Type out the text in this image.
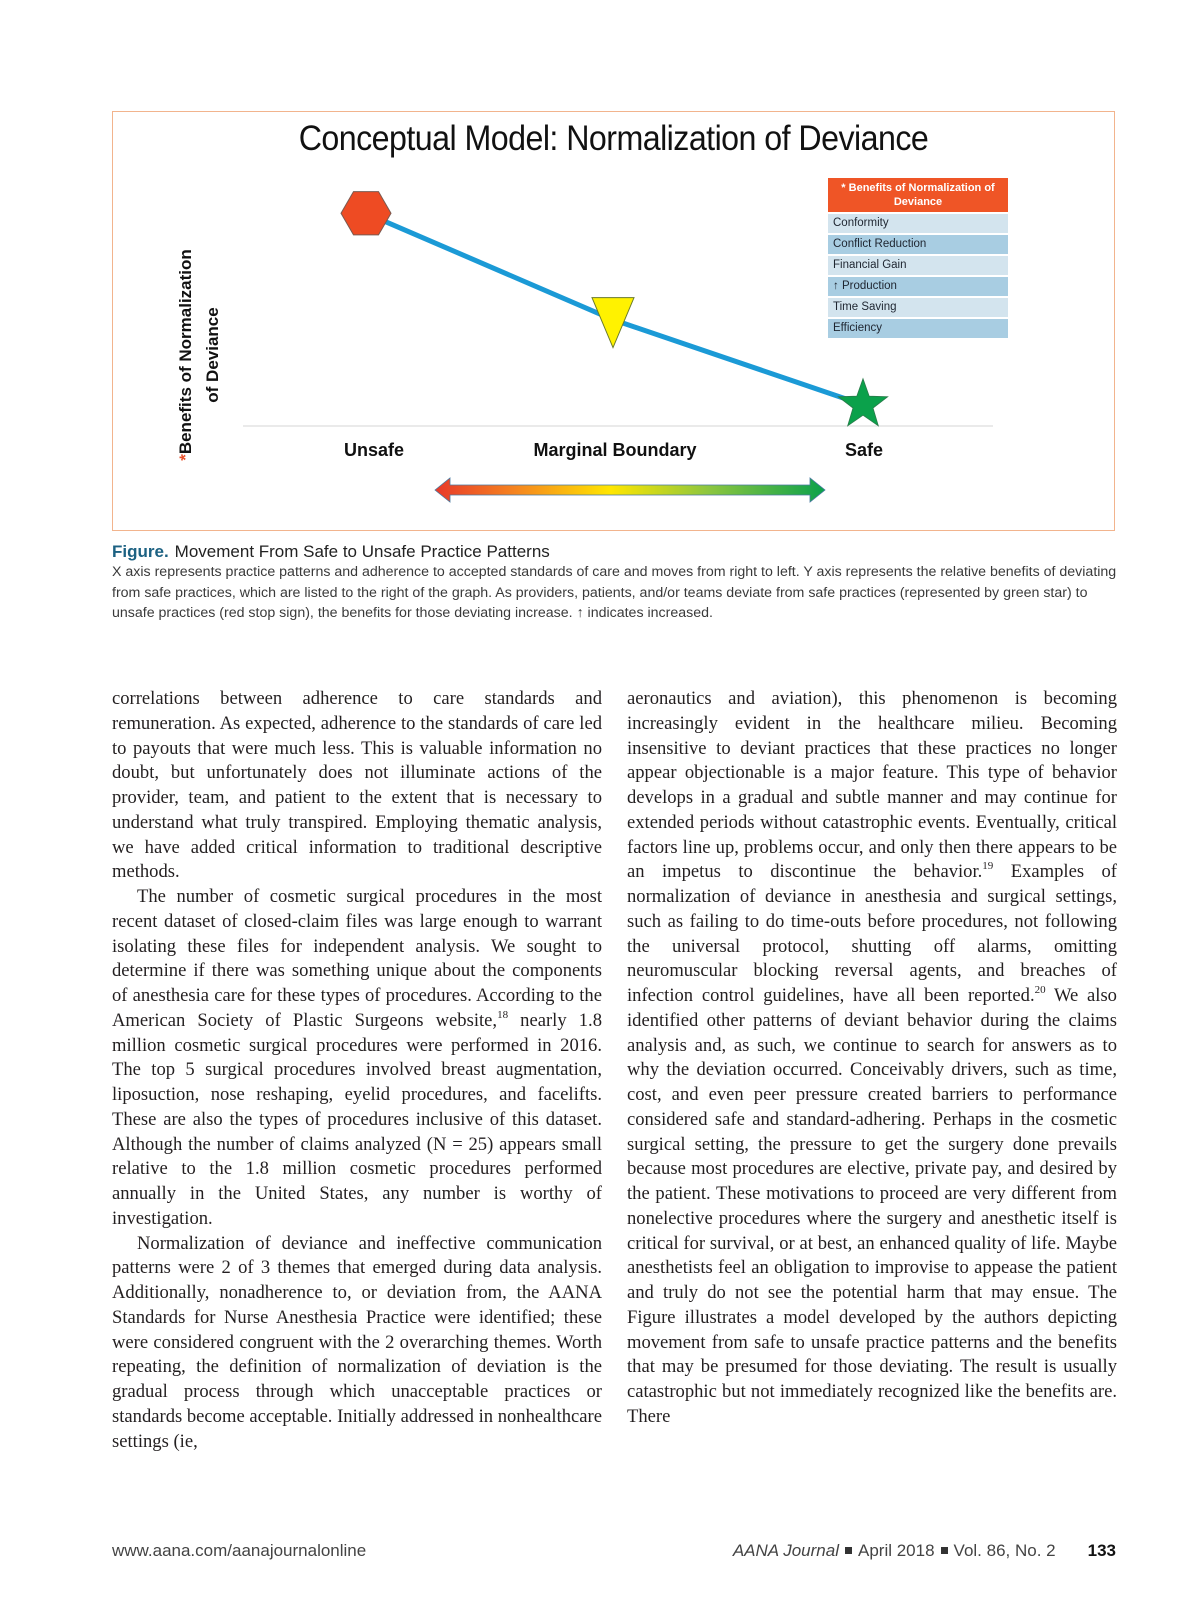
Conceptual Model: Normalization of Deviance
*Benefits of Normalization of Deviance
Unsafe	Marginal Boundary	Safe
* Benefits of Normalization of Deviance
Conformity
Conflict Reduction
Financial Gain
↑ Production
Time Saving
Efficiency
Figure. Movement From Safe to Unsafe Practice Patterns
X axis represents practice patterns and adherence to accepted standards of care and moves from right to left. Y axis represents the relative benefits of deviating from safe practices, which are listed to the right of the graph. As providers, patients, and/or teams deviate from safe practices (represented by green star) to unsafe practices (red stop sign), the benefits for those deviating increase. ↑ indicates increased.

correlations between adherence to care standards and remuneration. As expected, adherence to the standards of care led to payouts that were much less. This is valuable information no doubt, but unfortunately does not illuminate actions of the provider, team, and patient to the extent that is necessary to understand what truly transpired. Employing thematic analysis, we have added critical information to traditional descriptive methods.

The number of cosmetic surgical procedures in the most recent dataset of closed-claim files was large enough to warrant isolating these files for independent analysis. We sought to determine if there was something unique about the components of anesthesia care for these types of procedures. According to the American Society of Plastic Surgeons website,$^{18}$ nearly 1.8 million cosmetic surgical procedures were performed in 2016. The top 5 surgical procedures involved breast augmentation, liposuction, nose reshaping, eyelid procedures, and facelifts. These are also the types of procedures inclusive of this dataset. Although the number of claims analyzed (N = 25) appears small relative to the 1.8 million cosmetic procedures performed annually in the United States, any number is worthy of investigation.

Normalization of deviance and ineffective communication patterns were 2 of 3 themes that emerged during data analysis. Additionally, nonadherence to, or deviation from, the AANA Standards for Nurse Anesthesia Practice were identified; these were considered congruent with the 2 overarching themes. Worth repeating, the definition of normalization of deviation is the gradual process through which unacceptable practices or standards become acceptable. Initially addressed in nonhealthcare settings (ie,

aeronautics and aviation), this phenomenon is becoming increasingly evident in the healthcare milieu. Becoming insensitive to deviant practices that these practices no longer appear objectionable is a major feature. This type of behavior develops in a gradual and subtle manner and may continue for extended periods without catastrophic events. Eventually, critical factors line up, problems occur, and only then there appears to be an impetus to discontinue the behavior.$^{19}$ Examples of normalization of deviance in anesthesia and surgical settings, such as failing to do time-outs before procedures, not following the universal protocol, shutting off alarms, omitting neuromuscular blocking reversal agents, and breaches of infection control guidelines, have all been reported.$^{20}$ We also identified other patterns of deviant behavior during the claims analysis and, as such, we continue to search for answers as to why the deviation occurred. Conceivably drivers, such as time, cost, and even peer pressure created barriers to performance considered safe and standard-adhering. Perhaps in the cosmetic surgical setting, the pressure to get the surgery done prevails because most procedures are elective, private pay, and desired by the patient. These motivations to proceed are very different from nonelective procedures where the surgery and anesthetic itself is critical for survival, or at best, an enhanced quality of life. Maybe anesthetists feel an obligation to improvise to appease the patient and truly do not see the potential harm that may ensue. The Figure illustrates a model developed by the authors depicting movement from safe to unsafe practice patterns and the benefits that may be presumed for those deviating. The result is usually catastrophic but not immediately recognized like the benefits are. There

www.aana.com/aanajournalonline	AANA Journal April 2018 Vol. 86, No. 2 133
